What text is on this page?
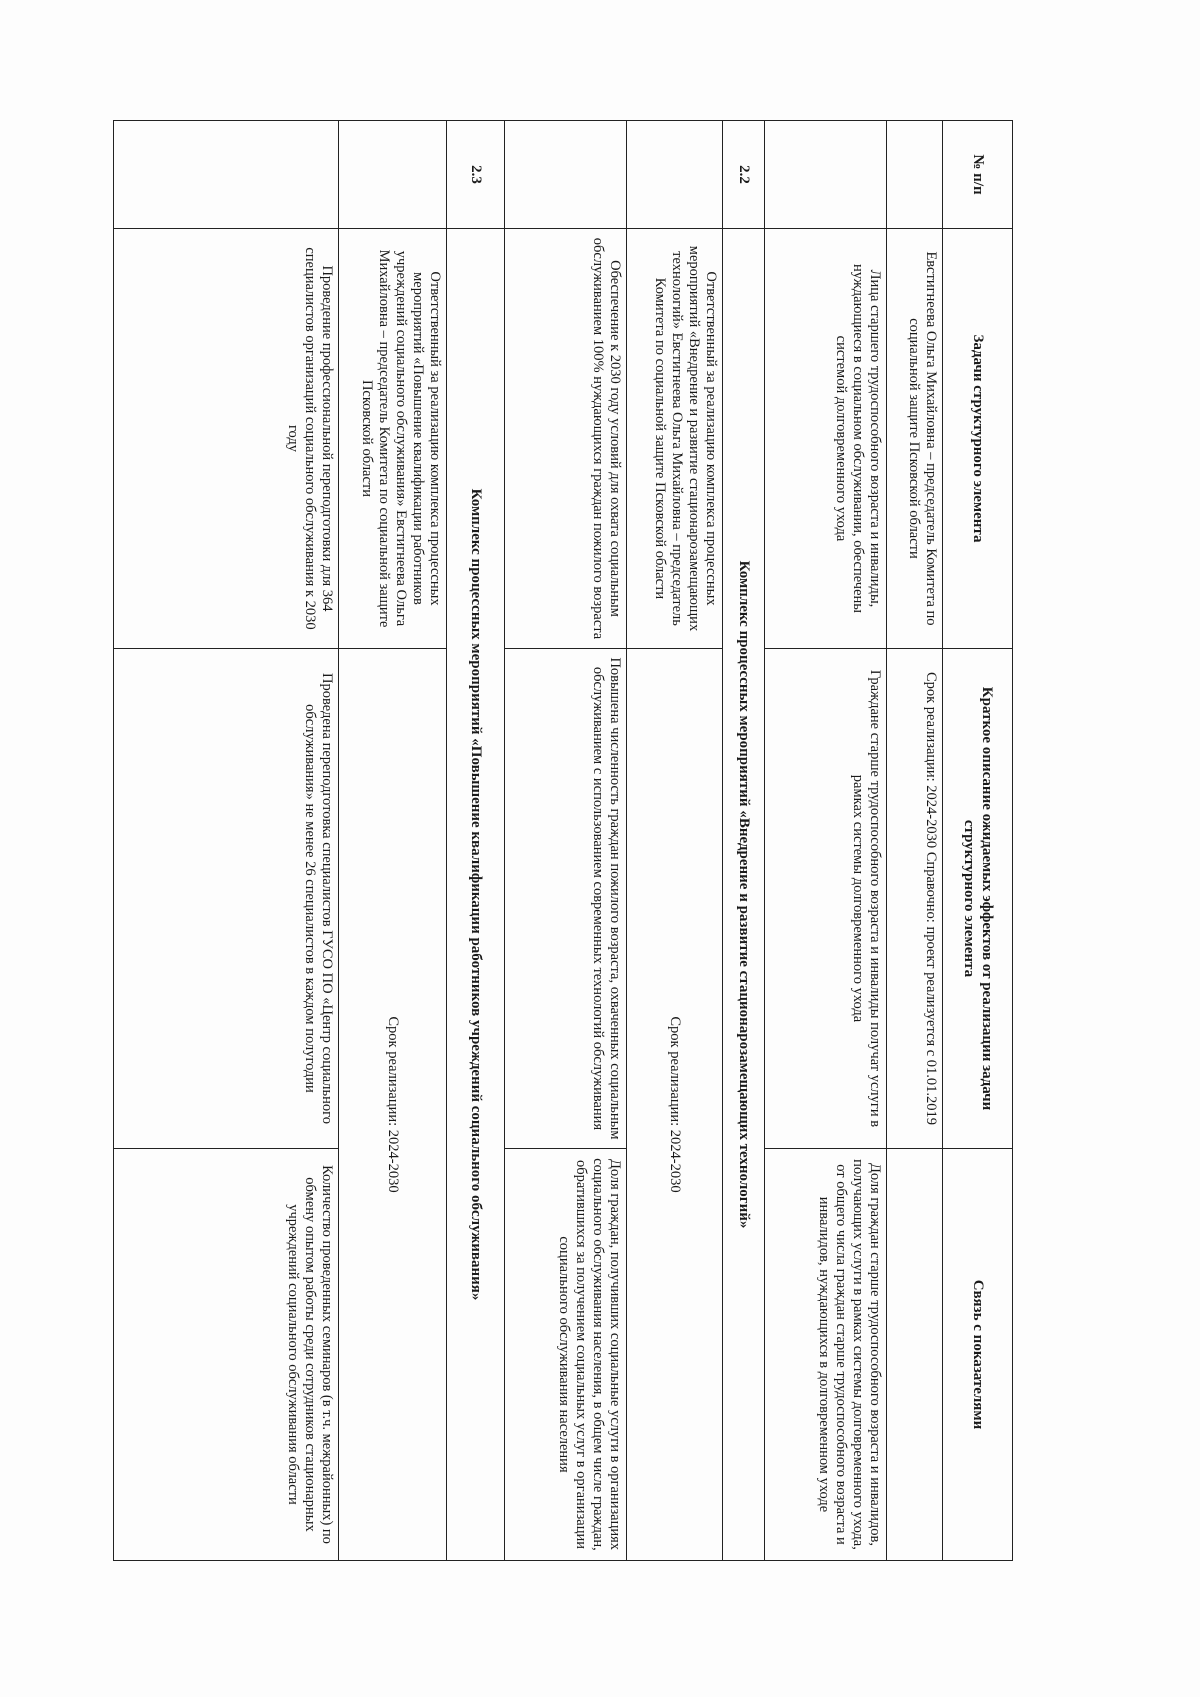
№ п/п	Задачи структурного элемента	Краткое описание ожидаемых эффектов от реализации задачи структурного элемента	Связь с показателями
	Евстигнеева Ольга Михайловна – председатель Комитета по социальной защите Псковской области	Срок реализации: 2024-2030 Справочно: проект реализуется с 01.01.2019	
	Лица старшего трудоспособного возраста и инвалиды, нуждающиеся в социальном обслуживании, обеспечены системой долговременного ухода	Граждане старше трудоспособного возраста и инвалиды получат услуги в рамках системы долговременного ухода	Доля граждан старше трудоспособного возраста и инвалидов, получающих услуги в рамках системы долговременного ухода, от общего числа граждан старше трудоспособного возраста и инвалидов, нуждающихся в долговременном уходе
2.2	Комплекс процессных мероприятий «Внедрение и развитие стационарозамещающих технологий»		
	Ответственный за реализацию комплекса процессных мероприятий «Внедрение и развитие стационарозамещающих технологий» Евстигнеева Ольга Михайловна – председатель Комитета по социальной защите Псковской области	Срок реализации: 2024-2030	
	Обеспечение к 2030 году условий для охвата социальным обслуживанием 100% нуждающихся граждан пожилого возраста	Повышена численность граждан пожилого возраста, охваченных социальным обслуживанием с использованием современных технологий обслуживания	Доля граждан, получивших социальные услуги в организациях социального обслуживания населения, в общем числе граждан, обратившихся за получением социальных услуг в организации социального обслуживания населения
2.3	Комплекс процессных мероприятий «Повышение квалификации работников учреждений социального обслуживания»		
	Ответственный за реализацию комплекса процессных мероприятий «Повышение квалификации работников учреждений социального обслуживания» Евстигнеева Ольга Михайловна – председатель Комитета по социальной защите Псковской области	Срок реализации: 2024-2030	
	Проведение профессиональной переподготовки для 364 специалистов организаций социального обслуживания к 2030 году	Проведена переподготовка специалистов ГУСО ПО «Центр социального обслуживания» не менее 26 специалистов в каждом полугодии	Количество проведенных семинаров (в т.ч. межрайонных) по обмену опытом работы среди сотрудников стационарных учреждений социального обслуживания области
